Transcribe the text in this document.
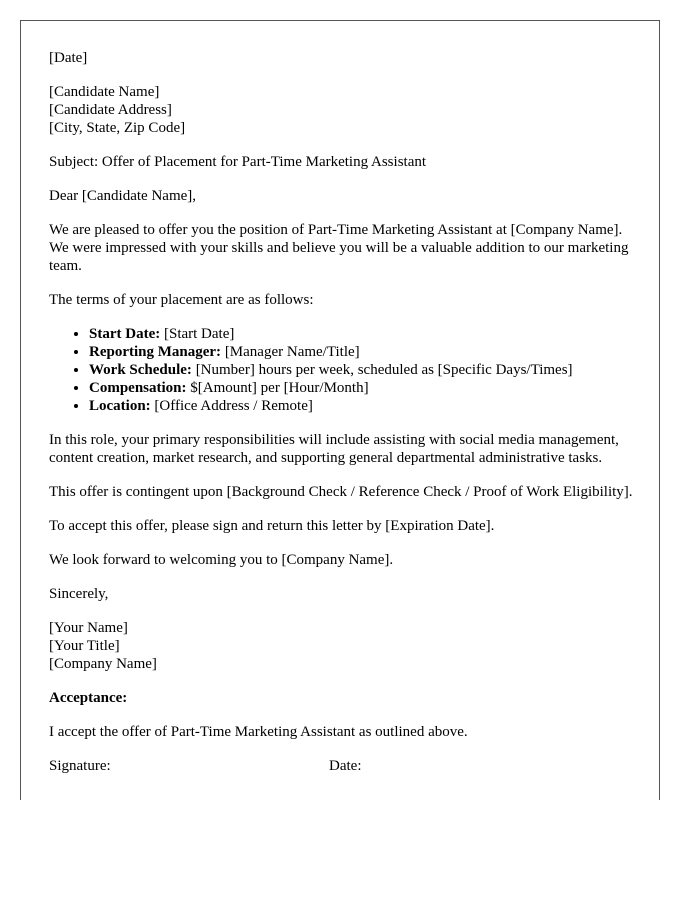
[Date]

[Candidate Name]
[Candidate Address]
[City, State, Zip Code]

Subject: Offer of Placement for Part-Time Marketing Assistant

Dear [Candidate Name],

We are pleased to offer you the position of Part-Time Marketing Assistant at [Company Name]. We were impressed with your skills and believe you will be a valuable addition to our marketing team.

The terms of your placement are as follows:

• Start Date: [Start Date]
• Reporting Manager: [Manager Name/Title]
• Work Schedule: [Number] hours per week, scheduled as [Specific Days/Times]
• Compensation: $[Amount] per [Hour/Month]
• Location: [Office Address / Remote]

In this role, your primary responsibilities will include assisting with social media management, content creation, market research, and supporting general departmental administrative tasks.

This offer is contingent upon [Background Check / Reference Check / Proof of Work Eligibility].

To accept this offer, please sign and return this letter by [Expiration Date].

We look forward to welcoming you to [Company Name].

Sincerely,

[Your Name]
[Your Title]
[Company Name]

Acceptance:

I accept the offer of Part-Time Marketing Assistant as outlined above.

Signature:	Date:
